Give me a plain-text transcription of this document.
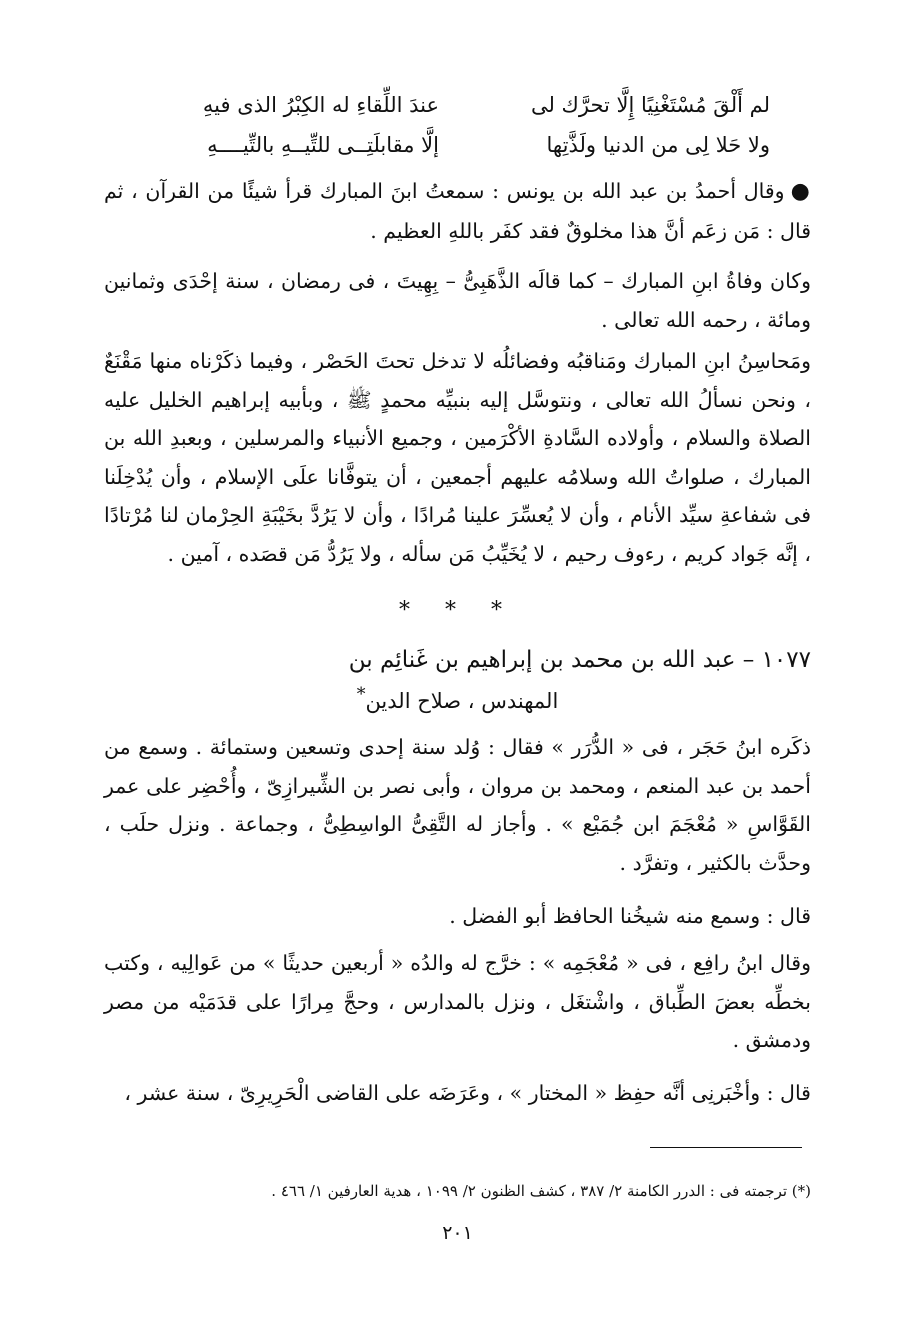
لم أَلْقَ مُسْتَغْنِيًا إِلَّا تحرَّك لى
عندَ اللِّقاءِ له الكِبْرُ الذى فيهِ
ولا حَلا لِى من الدنيا ولَذَّتِها
إلَّا مقابلَتِــى للتِّيــهِ بالتِّيــــهِ

●وقال أحمدُ بن عبد الله بن يونس : سمعتُ ابنَ المبارك قرأ شيئًا من القرآن ، ثم قال : مَن زعَم أنَّ هذا مخلوقٌ فقد كفَر باللهِ العظيم .

وكان وفاةُ ابنِ المبارك – كما قالَه الذَّهَبِىُّ – بِهِيتَ ، فى رمضان ، سنة إحْدَى وثمانين ومائة ، رحمه الله تعالى .

ومَحاسِنُ ابنِ المبارك ومَناقبُه وفضائلُه لا تدخل تحتَ الحَصْر ، وفيما ذكَرْناه منها مَقْنَعٌ ، ونحن نسألُ الله تعالى ، ونتوسَّل إليه بنبيِّه محمدٍ ﷺ ، وبأبيه إبراهيم الخليل عليه الصلاة والسلام ، وأولاده السَّادةِ الأكْرَمين ، وجميع الأنبياء والمرسلين ، وبعبدِ الله بن المبارك ، صلواتُ الله وسلامُه عليهم أجمعين ، أن يتوفَّانا علَى الإسلام ، وأن يُدْخِلَنا فى شفاعةِ سيِّد الأنام ، وأن لا يُعسِّرَ علينا مُرادًا ، وأن لا يَرُدَّ بخَيْبَةِ الحِرْمان لنا مُرْتادًا ، إنَّه جَواد كريم ، رءوف رحيم ، لا يُخَيِّبُ مَن سأله ، ولا يَرُدُّ مَن قصَده ، آمين .

* * *
١٠٧٧ – عبد الله بن محمد بن إبراهيم بن غَنائِم بن
المهندس ، صلاح الدين*

ذكَره ابنُ حَجَر ، فى « الدُّرَر » فقال : وُلد سنة إحدى وتسعين وستمائة . وسمع من أحمد بن عبد المنعم ، ومحمد بن مروان ، وأبى نصر بن الشِّيرازِىّ ، وأُحْضِر على عمر القَوَّاسِ « مُعْجَمَ ابن جُمَيْع » . وأجاز له التَّقِىُّ الواسِطِىُّ ، وجماعة . ونزل حلَب ، وحدَّث بالكثير ، وتفرَّد .

قال : وسمع منه شيخُنا الحافظ أبو الفضل .

وقال ابنُ رافِع ، فى « مُعْجَمِه » : خرَّج له والدُه « أربعين حديثًا » من عَوالِيه ، وكتب بخطِّه بعضَ الطِّباق ، واشْتغَل ، ونزل بالمدارس ، وحجَّ مِرارًا على قدَمَيْه من مصر ودمشق .

قال : وأخْبَرنِى أنَّه حفِظ « المختار » ، وعَرَضَه على القاضى الْحَرِيرِىّ ، سنة عشر ،

(*) ترجمته فى : الدرر الكامنة ٢/ ٣٨٧ ، كشف الظنون ٢/ ١٠٩٩ ، هدية العارفين ١/ ٤٦٦ .
٢٠١
